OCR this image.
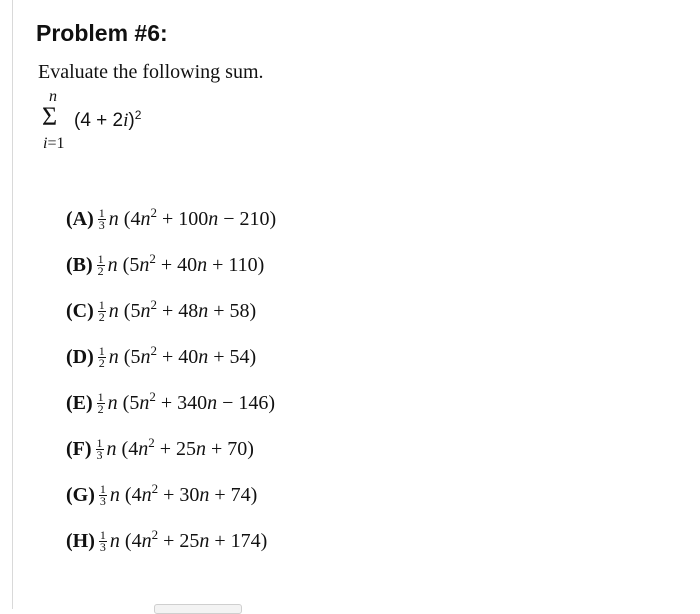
Problem #6:
Evaluate the following sum.
n
Σ $(4 + 2i)^2$
i=1
$(A) \frac{1}{3}$ n $(4n^2 + 100n - 210)$
$(B) \frac{1}{2}$ n $(5n^2 + 40n + 110)$
$(C) \frac{1}{2}$ n $(5n^2 + 48n + 58)$
$(D) \frac{1}{2}$ n $(5n^2 + 40n + 54)$
$(E) \frac{1}{2}$ n $(5n^2 + 340n - 146)$
$(F) \frac{1}{3}$ n $(4n^2 + 25n + 70)$
$(G) \frac{1}{3}$ n $(4n^2 + 30n + 74)$
$(H) \frac{1}{3}$ n $(4n^2 + 25n + 174)$
